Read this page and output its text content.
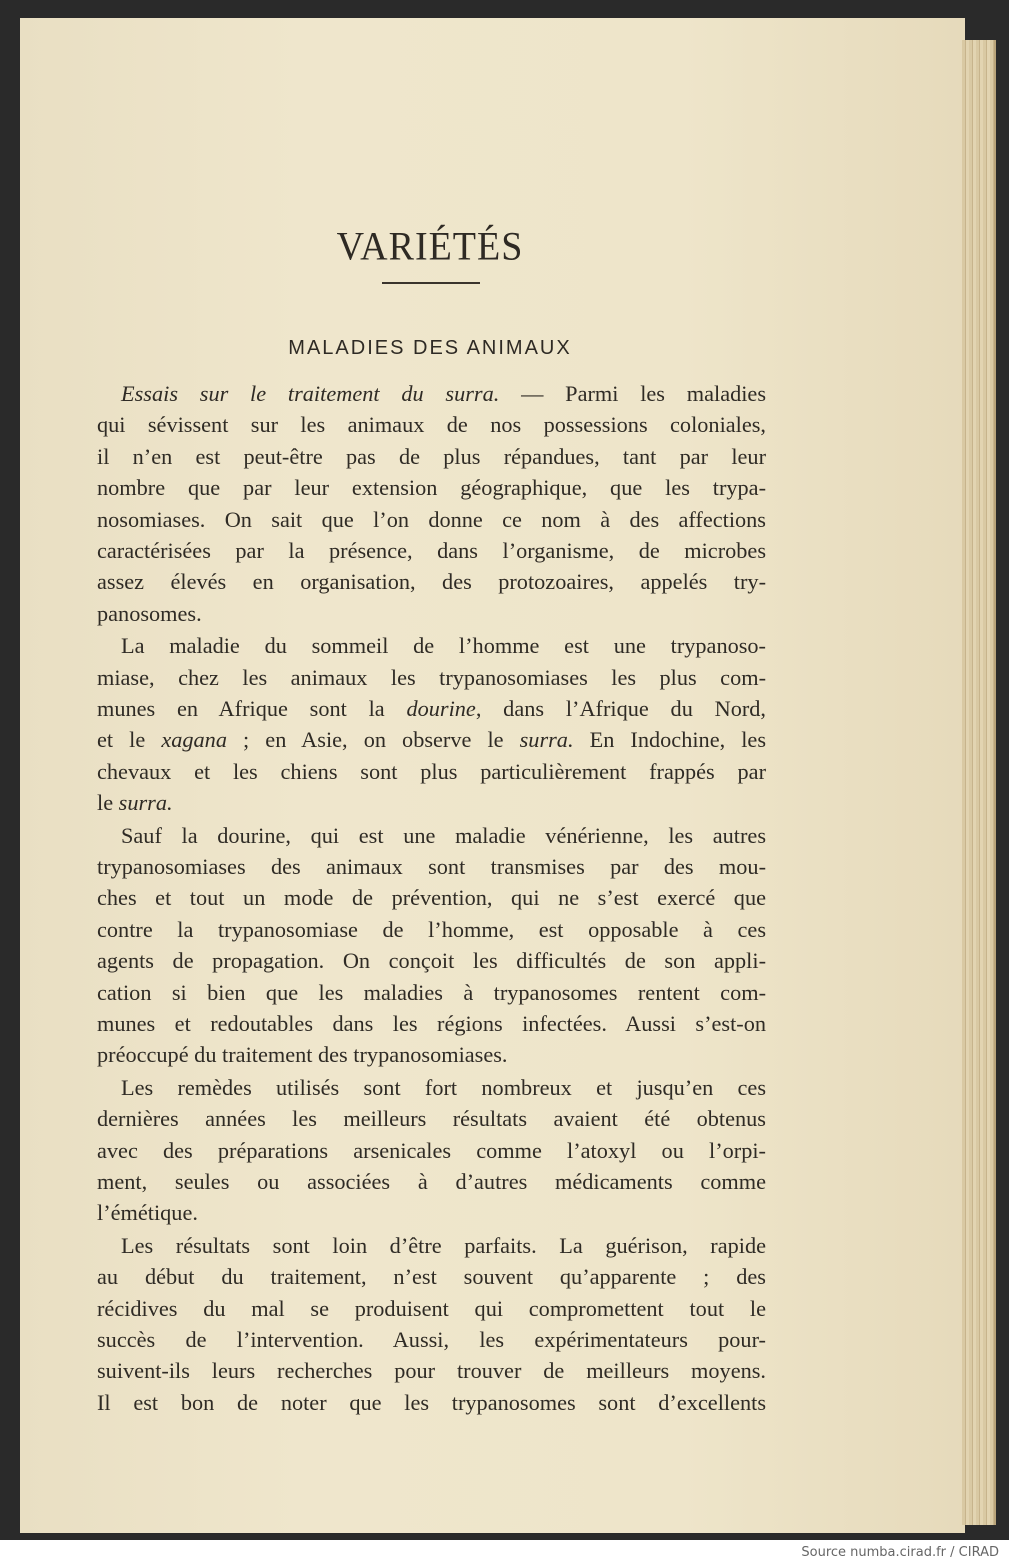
Source numba.cirad.fr / CIRAD
VARIÉTÉS
MALADIES DES ANIMAUX
Essais sur le traitement du surra. — Parmi les maladies
qui sévissent sur les animaux de nos possessions coloniales,
il n’en est peut-être pas de plus répandues, tant par leur
nombre que par leur extension géographique, que les trypa-
nosomiases. On sait que l’on donne ce nom à des affections
caractérisées par la présence, dans l’organisme, de microbes
assez élevés en organisation, des protozoaires, appelés try-
panosomes.
La maladie du sommeil de l’homme est une trypanoso-
miase, chez les animaux les trypanosomiases les plus com-
munes en Afrique sont la dourine, dans l’Afrique du Nord,
et le xagana ; en Asie, on observe le surra. En Indochine, les
chevaux et les chiens sont plus particulièrement frappés par
le surra.
Sauf la dourine, qui est une maladie vénérienne, les autres
trypanosomiases des animaux sont transmises par des mou-
ches et tout un mode de prévention, qui ne s’est exercé que
contre la trypanosomiase de l’homme, est opposable à ces
agents de propagation. On conçoit les difficultés de son appli-
cation si bien que les maladies à trypanosomes rentent com-
munes et redoutables dans les régions infectées. Aussi s’est-on
préoccupé du traitement des trypanosomiases.
Les remèdes utilisés sont fort nombreux et jusqu’en ces
dernières années les meilleurs résultats avaient été obtenus
avec des préparations arsenicales comme l’atoxyl ou l’orpi-
ment, seules ou associées à d’autres médicaments comme
l’émétique.
Les résultats sont loin d’être parfaits. La guérison, rapide
au début du traitement, n’est souvent qu’apparente ; des
récidives du mal se produisent qui compromettent tout le
succès de l’intervention. Aussi, les expérimentateurs pour-
suivent-ils leurs recherches pour trouver de meilleurs moyens.
Il est bon de noter que les trypanosomes sont d’excellents
